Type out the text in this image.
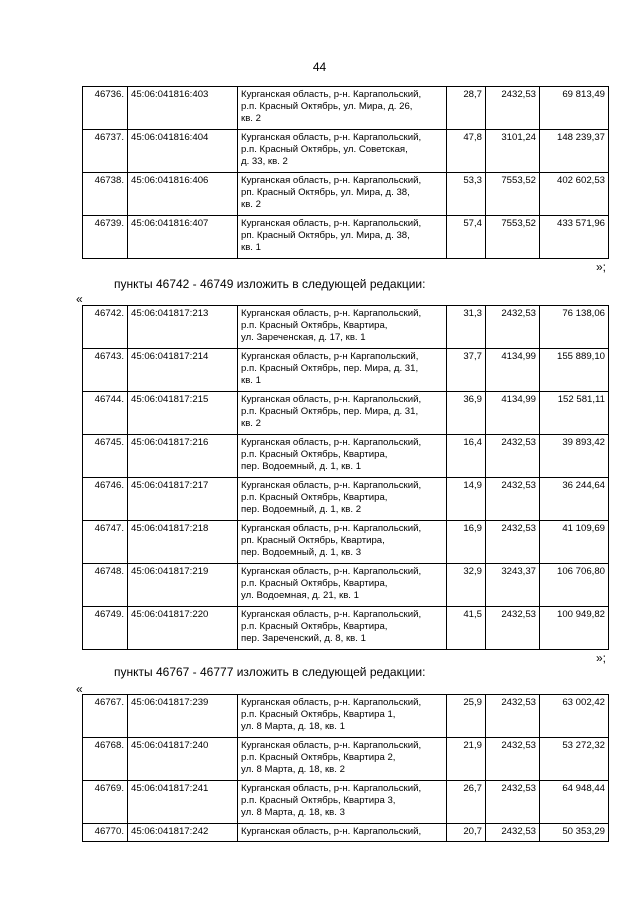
44
46736.	45:06:041816:403	Курганская область, р-н. Каргапольский,
р.п. Красный Октябрь, ул. Мира, д. 26,
кв. 2	28,7	2432,53	69 813,49
46737.	45:06:041816:404	Курганская область, р-н. Каргапольский,
р.п. Красный Октябрь, ул. Советская,
д. 33, кв. 2	47,8	3101,24	148 239,37
46738.	45:06:041816:406	Курганская область, р-н. Каргапольский,
рп. Красный Октябрь, ул. Мира, д. 38,
кв. 2	53,3	7553,52	402 602,53
46739.	45:06:041816:407	Курганская область, р-н. Каргапольский,
рп. Красный Октябрь, ул. Мира, д. 38,
кв. 1	57,4	7553,52	433 571,96
»;
пункты 46742 - 46749 изложить в следующей редакции:
«
46742.	45:06:041817:213	Курганская область, р-н. Каргапольский,
р.п. Красный Октябрь, Квартира,
ул. Зареченская, д. 17, кв. 1	31,3	2432,53	76 138,06
46743.	45:06:041817:214	Курганская область, р-н Каргапольский,
р.п. Красный Октябрь, пер. Мира, д. 31,
кв. 1	37,7	4134,99	155 889,10
46744.	45:06:041817:215	Курганская область, р-н. Каргапольский,
р.п. Красный Октябрь, пер. Мира, д. 31,
кв. 2	36,9	4134,99	152 581,11
46745.	45:06:041817:216	Курганская область, р-н. Каргапольский,
р.п. Красный Октябрь, Квартира,
пер. Водоемный, д. 1, кв. 1	16,4	2432,53	39 893,42
46746.	45:06:041817:217	Курганская область, р-н. Каргапольский,
р.п. Красный Октябрь, Квартира,
пер. Водоемный, д. 1, кв. 2	14,9	2432,53	36 244,64
46747.	45:06:041817:218	Курганская область, р-н. Каргапольский,
рп. Красный Октябрь, Квартира,
пер. Водоемный, д. 1, кв. 3	16,9	2432,53	41 109,69
46748.	45:06:041817:219	Курганская область, р-н. Каргапольский,
р.п. Красный Октябрь, Квартира,
ул. Водоемная, д. 21, кв. 1	32,9	3243,37	106 706,80
46749.	45:06:041817:220	Курганская область, р-н. Каргапольский,
р.п. Красный Октябрь, Квартира,
пер. Зареченский, д. 8, кв. 1	41,5	2432,53	100 949,82
»;
пункты 46767 - 46777 изложить в следующей редакции:
«
46767.	45:06:041817:239	Курганская область, р-н. Каргапольский,
р.п. Красный Октябрь, Квартира 1,
ул. 8 Марта, д. 18, кв. 1	25,9	2432,53	63 002,42
46768.	45:06:041817:240	Курганская область, р-н. Каргапольский,
р.п. Красный Октябрь, Квартира 2,
ул. 8 Марта, д. 18, кв. 2	21,9	2432,53	53 272,32
46769.	45:06:041817:241	Курганская область, р-н. Каргапольский,
р.п. Красный Октябрь, Квартира 3,
ул. 8 Марта, д. 18, кв. 3	26,7	2432,53	64 948,44
46770.	45:06:041817:242	Курганская область, р-н. Каргапольский,	20,7	2432,53	50 353,29
